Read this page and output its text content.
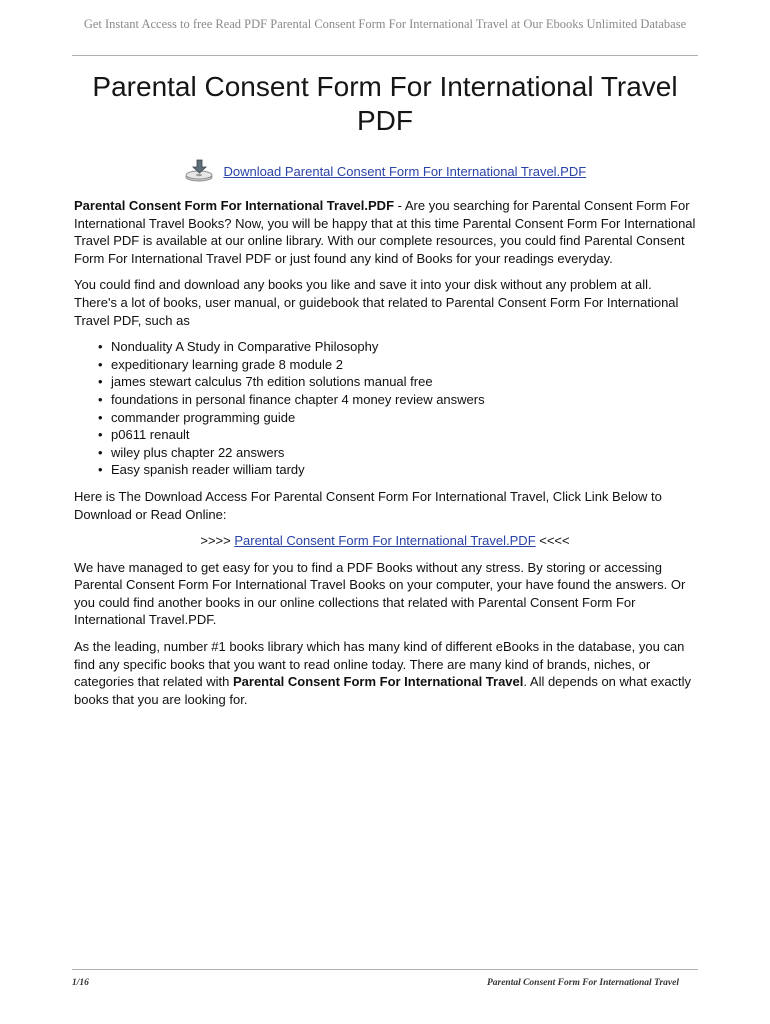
Get Instant Access to free Read PDF Parental Consent Form For International Travel at Our Ebooks Unlimited Database
Parental Consent Form For International Travel PDF
Download Parental Consent Form For International Travel.PDF

Parental Consent Form For International Travel.PDF - Are you searching for Parental Consent Form For International Travel Books? Now, you will be happy that at this time Parental Consent Form For International Travel PDF is available at our online library. With our complete resources, you could find Parental Consent Form For International Travel PDF or just found any kind of Books for your readings everyday.

You could find and download any books you like and save it into your disk without any problem at all. There's a lot of books, user manual, or guidebook that related to Parental Consent Form For International Travel PDF, such as

• Nonduality A Study in Comparative Philosophy
• expeditionary learning grade 8 module 2
• james stewart calculus 7th edition solutions manual free
• foundations in personal finance chapter 4 money review answers
• commander programming guide
• p0611 renault
• wiley plus chapter 22 answers
• Easy spanish reader william tardy

Here is The Download Access For Parental Consent Form For International Travel, Click Link Below to Download or Read Online:

>>>> Parental Consent Form For International Travel.PDF <<<<

We have managed to get easy for you to find a PDF Books without any stress. By storing or accessing Parental Consent Form For International Travel Books on your computer, your have found the answers. Or you could find another books in our online collections that related with Parental Consent Form For International Travel.PDF.

As the leading, number #1 books library which has many kind of different eBooks in the database, you can find any specific books that you want to read online today. There are many kind of brands, niches, or categories that related with Parental Consent Form For International Travel. All depends on what exactly books that you are looking for.

1/16	Parental Consent Form For International Travel
